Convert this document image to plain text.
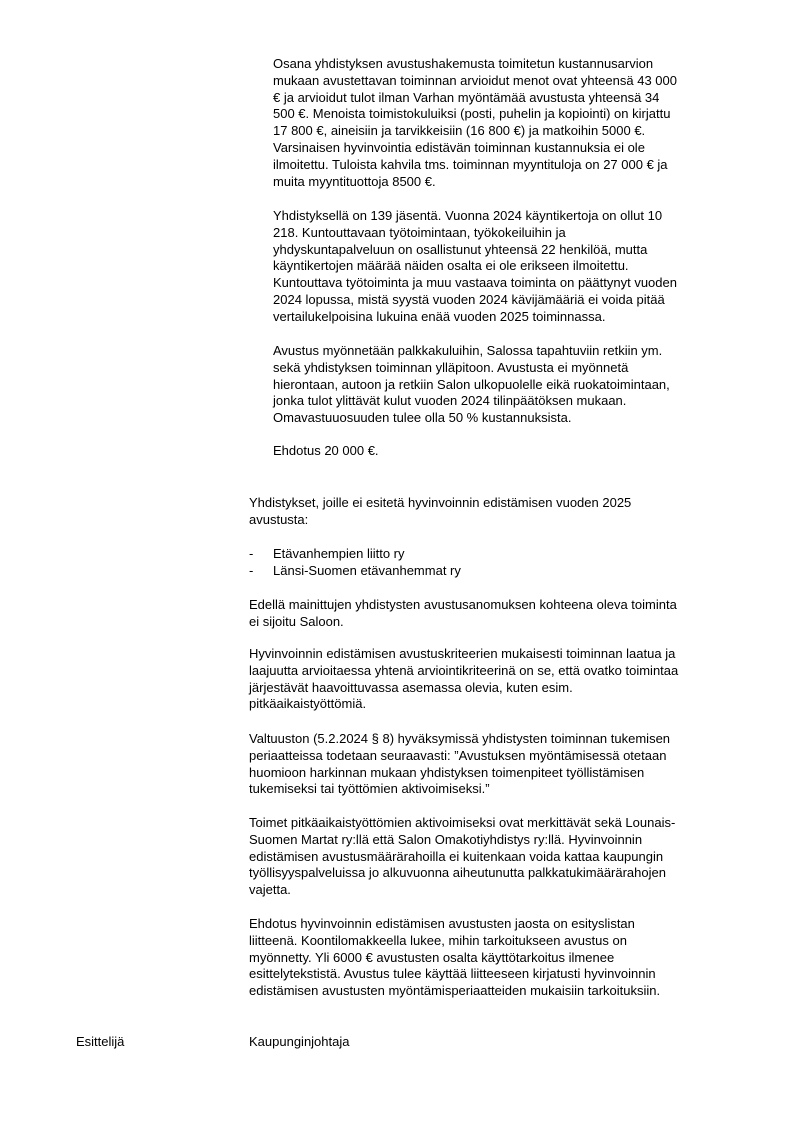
Osana yhdistyksen avustushakemusta toimitetun kustannusarvion
mukaan avustettavan toiminnan arvioidut menot ovat yhteensä 43 000
€ ja arvioidut tulot ilman Varhan myöntämää avustusta yhteensä 34
500 €. Menoista toimistokuluiksi (posti, puhelin ja kopiointi) on kirjattu
17 800 €, aineisiin ja tarvikkeisiin (16 800 €) ja matkoihin 5000 €.
Varsinaisen hyvinvointia edistävän toiminnan kustannuksia ei ole
ilmoitettu. Tuloista kahvila tms. toiminnan myyntituloja on 27 000 € ja
muita myyntituottoja 8500 €.

Yhdistyksellä on 139 jäsentä. Vuonna 2024 käyntikertoja on ollut 10
218. Kuntouttavaan työtoimintaan, työkokeiluihin ja
yhdyskuntapalveluun on osallistunut yhteensä 22 henkilöä, mutta
käyntikertojen määrää näiden osalta ei ole erikseen ilmoitettu.
Kuntouttava työtoiminta ja muu vastaava toiminta on päättynyt vuoden
2024 lopussa, mistä syystä vuoden 2024 kävijämääriä ei voida pitää
vertailukelpoisina lukuina enää vuoden 2025 toiminnassa.

Avustus myönnetään palkkakuluihin, Salossa tapahtuviin retkiin ym.
sekä yhdistyksen toiminnan ylläpitoon. Avustusta ei myönnetä
hierontaan, autoon ja retkiin Salon ulkopuolelle eikä ruokatoimintaan,
jonka tulot ylittävät kulut vuoden 2024 tilinpäätöksen mukaan.
Omavastuuosuuden tulee olla 50 % kustannuksista.

Ehdotus 20 000 €.

Yhdistykset, joille ei esitetä hyvinvoinnin edistämisen vuoden 2025
avustusta:

- Etävanhempien liitto ry
- Länsi-Suomen etävanhemmat ry

Edellä mainittujen yhdistysten avustusanomuksen kohteena oleva toiminta
ei sijoitu Saloon.

Hyvinvoinnin edistämisen avustuskriteerien mukaisesti toiminnan laatua ja
laajuutta arvioitaessa yhtenä arviointikriteerinä on se, että ovatko toimintaa
järjestävät haavoittuvassa asemassa olevia, kuten esim.
pitkäaikaistyöttömiä.

Valtuuston (5.2.2024 § 8) hyväksymissä yhdistysten toiminnan tukemisen
periaatteissa todetaan seuraavasti: ”Avustuksen myöntämisessä otetaan
huomioon harkinnan mukaan yhdistyksen toimenpiteet työllistämisen
tukemiseksi tai työttömien aktivoimiseksi.”

Toimet pitkäaikaistyöttömien aktivoimiseksi ovat merkittävät sekä Lounais-
Suomen Martat ry:llä että Salon Omakotiyhdistys ry:llä. Hyvinvoinnin
edistämisen avustusmäärärahoilla ei kuitenkaan voida kattaa kaupungin
työllisyyspalveluissa jo alkuvuonna aiheutunutta palkkatukimäärärahojen
vajetta.

Ehdotus hyvinvoinnin edistämisen avustusten jaosta on esityslistan
liitteenä. Koontilomakkeella lukee, mihin tarkoitukseen avustus on
myönnetty. Yli 6000 € avustusten osalta käyttötarkoitus ilmenee
esittelytekstistä. Avustus tulee käyttää liitteeseen kirjatusti hyvinvoinnin
edistämisen avustusten myöntämisperiaatteiden mukaisiin tarkoituksiin.

Esittelijä	Kaupunginjohtaja
